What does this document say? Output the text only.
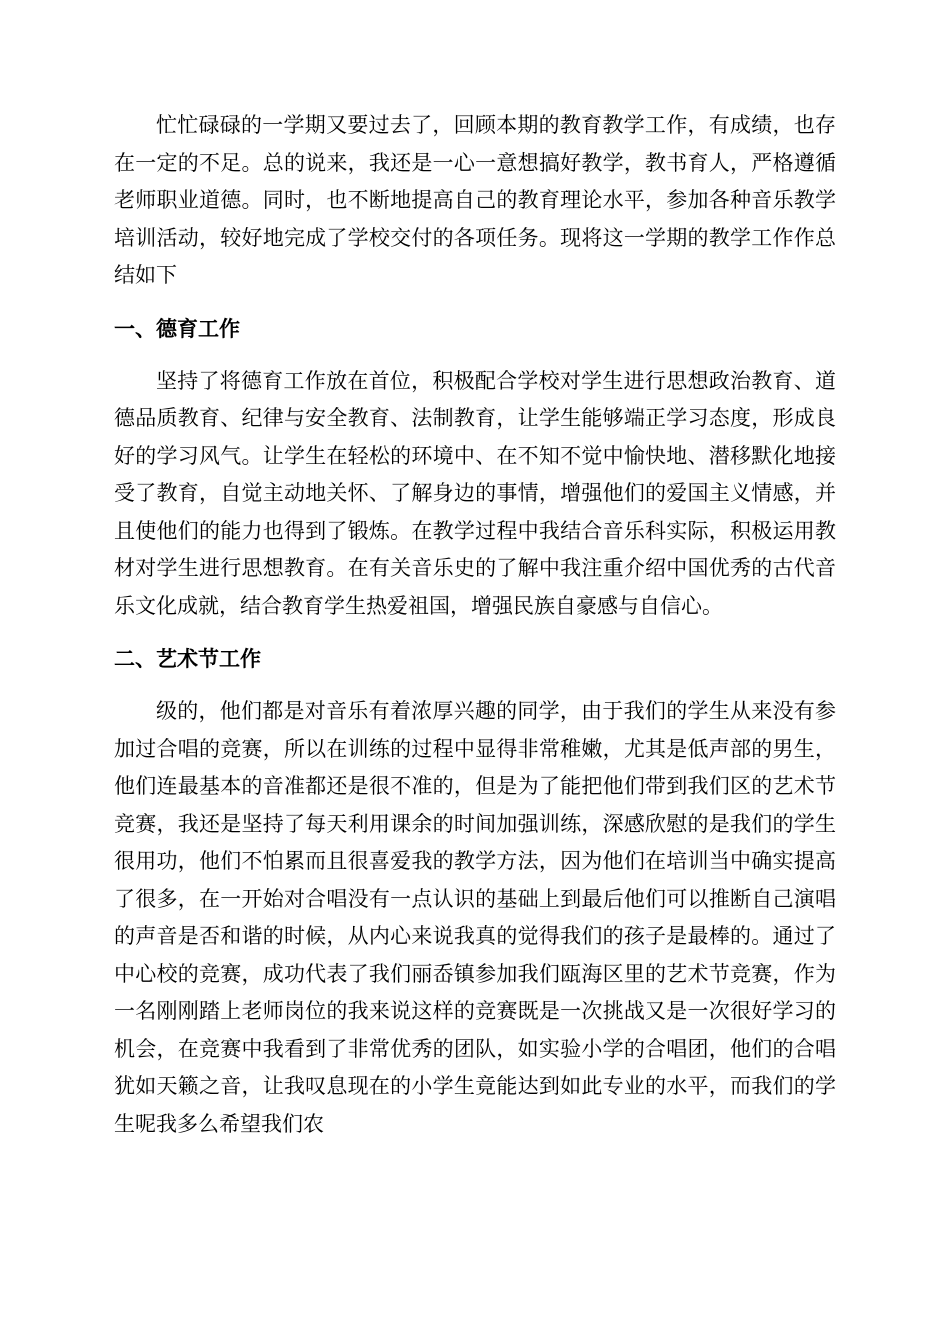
忙忙碌碌的一学期又要过去了，回顾本期的教育教学工作，有成绩，也存在一定的不足。总的说来，我还是一心一意想搞好教学，教书育人，严格遵循老师职业道德。同时，也不断地提高自己的教育理论水平，参加各种音乐教学培训活动，较好地完成了学校交付的各项任务。现将这一学期的教学工作作总结如下

一、德育工作

坚持了将德育工作放在首位，积极配合学校对学生进行思想政治教育、道德品质教育、纪律与安全教育、法制教育，让学生能够端正学习态度，形成良好的学习风气。让学生在轻松的环境中、在不知不觉中愉快地、潜移默化地接受了教育，自觉主动地关怀、了解身边的事情，增强他们的爱国主义情感，并且使他们的能力也得到了锻炼。在教学过程中我结合音乐科实际，积极运用教材对学生进行思想教育。在有关音乐史的了解中我注重介绍中国优秀的古代音乐文化成就，结合教育学生热爱祖国，增强民族自豪感与自信心。

二、艺术节工作

级的，他们都是对音乐有着浓厚兴趣的同学，由于我们的学生从来没有参加过合唱的竞赛，所以在训练的过程中显得非常稚嫩，尤其是低声部的男生，他们连最基本的音准都还是很不准的，但是为了能把他们带到我们区的艺术节竞赛，我还是坚持了每天利用课余的时间加强训练，深感欣慰的是我们的学生很用功，他们不怕累而且很喜爱我的教学方法，因为他们在培训当中确实提高了很多，在一开始对合唱没有一点认识的基础上到最后他们可以推断自己演唱的声音是否和谐的时候，从内心来说我真的觉得我们的孩子是最棒的。通过了中心校的竞赛，成功代表了我们丽岙镇参加我们瓯海区里的艺术节竞赛，作为一名刚刚踏上老师岗位的我来说这样的竞赛既是一次挑战又是一次很好学习的机会，在竞赛中我看到了非常优秀的团队，如实验小学的合唱团，他们的合唱犹如天籁之音，让我叹息现在的小学生竟能达到如此专业的水平，而我们的学生呢我多么希望我们农
